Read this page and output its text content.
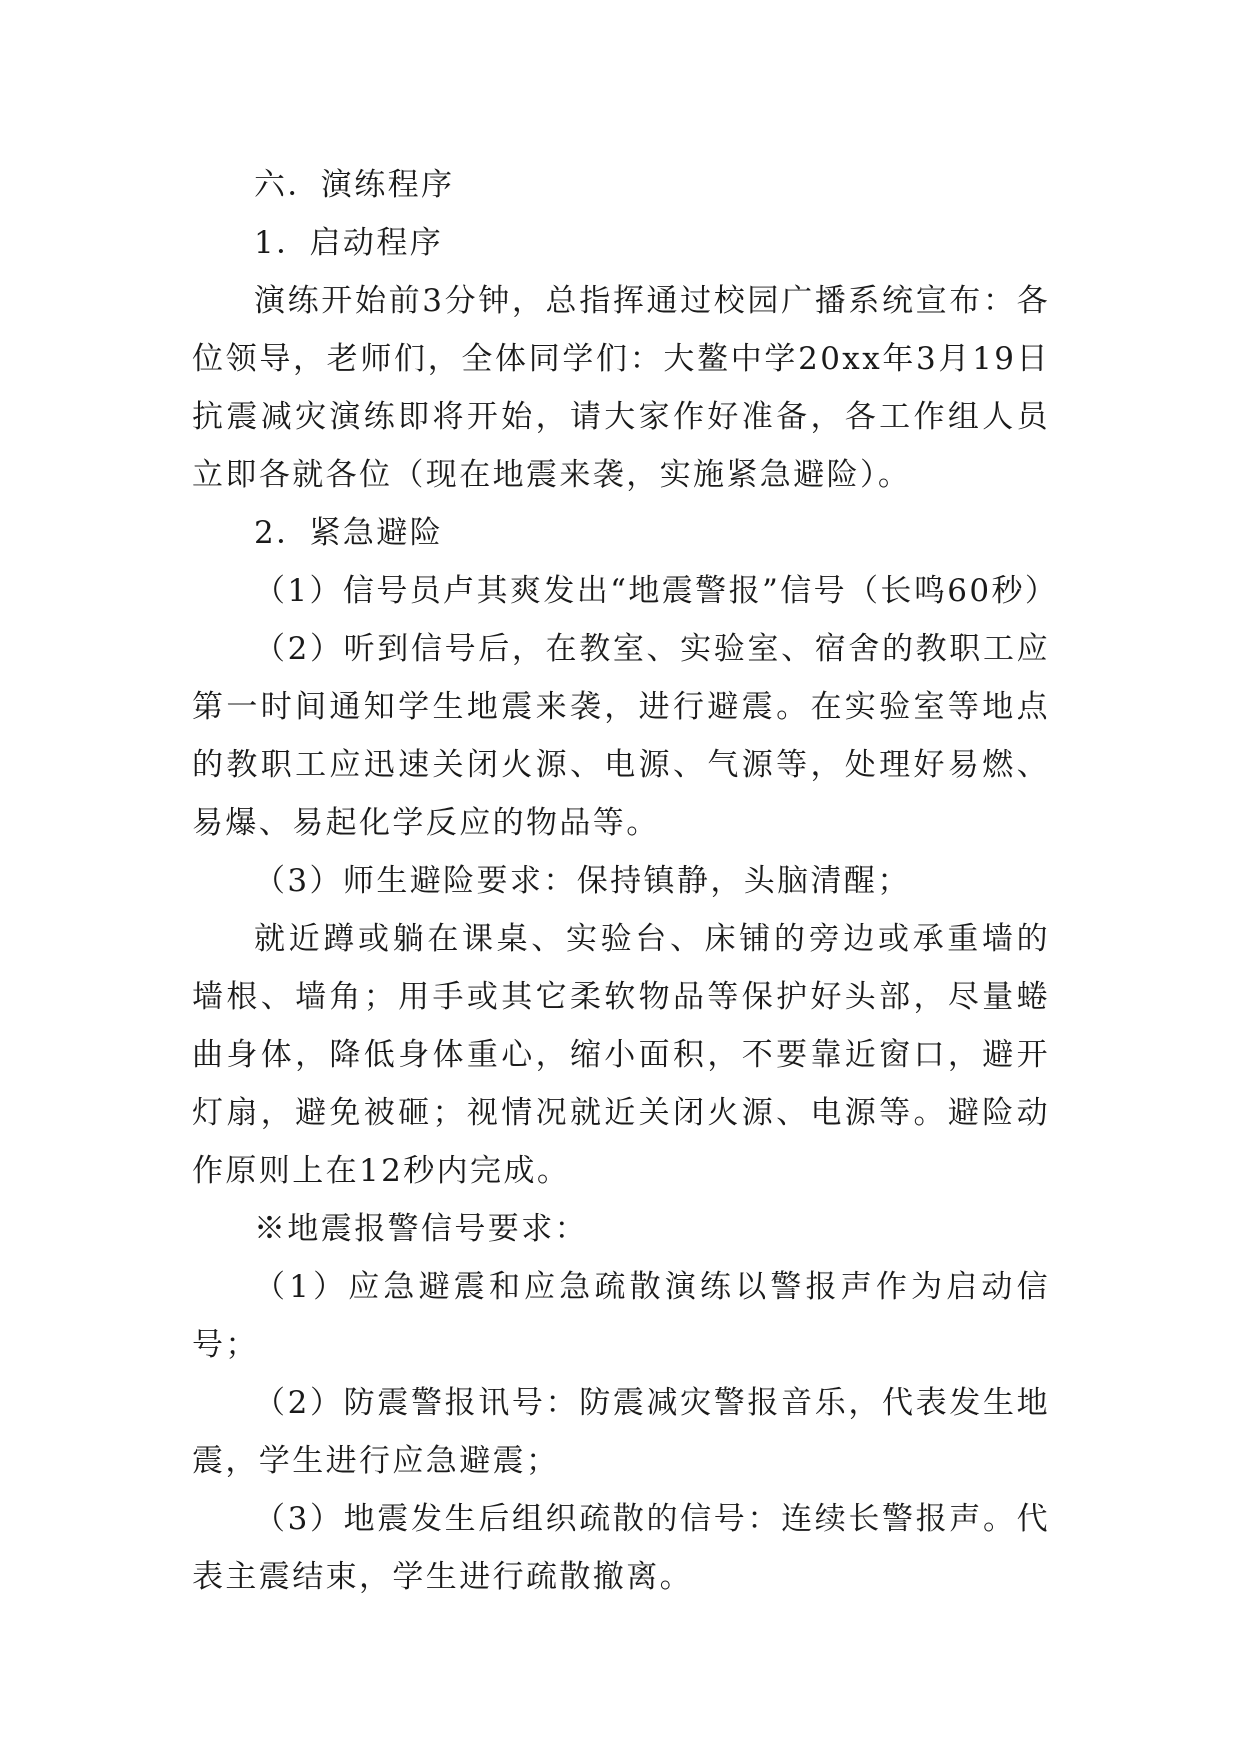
六．演练程序

1．启动程序

演练开始前3分钟，总指挥通过校园广播系统宣布：各位领导，老师们，全体同学们：大鳌中学20xx年3月19日抗震减灾演练即将开始，请大家作好准备，各工作组人员立即各就各位（现在地震来袭，实施紧急避险）。

2．紧急避险

（1）信号员卢其爽发出“地震警报”信号（长鸣60秒）

（2）听到信号后，在教室、实验室、宿舍的教职工应第一时间通知学生地震来袭，进行避震。在实验室等地点的教职工应迅速关闭火源、电源、气源等，处理好易燃、易爆、易起化学反应的物品等。

（3）师生避险要求：保持镇静，头脑清醒；

就近蹲或躺在课桌、实验台、床铺的旁边或承重墙的墙根、墙角；用手或其它柔软物品等保护好头部，尽量蜷曲身体，降低身体重心，缩小面积，不要靠近窗口，避开灯扇，避免被砸；视情况就近关闭火源、电源等。避险动作原则上在12秒内完成。

※地震报警信号要求：

（1）应急避震和应急疏散演练以警报声作为启动信号；

（2）防震警报讯号：防震减灾警报音乐，代表发生地震，学生进行应急避震；

（3）地震发生后组织疏散的信号：连续长警报声。代表主震结束，学生进行疏散撤离。
